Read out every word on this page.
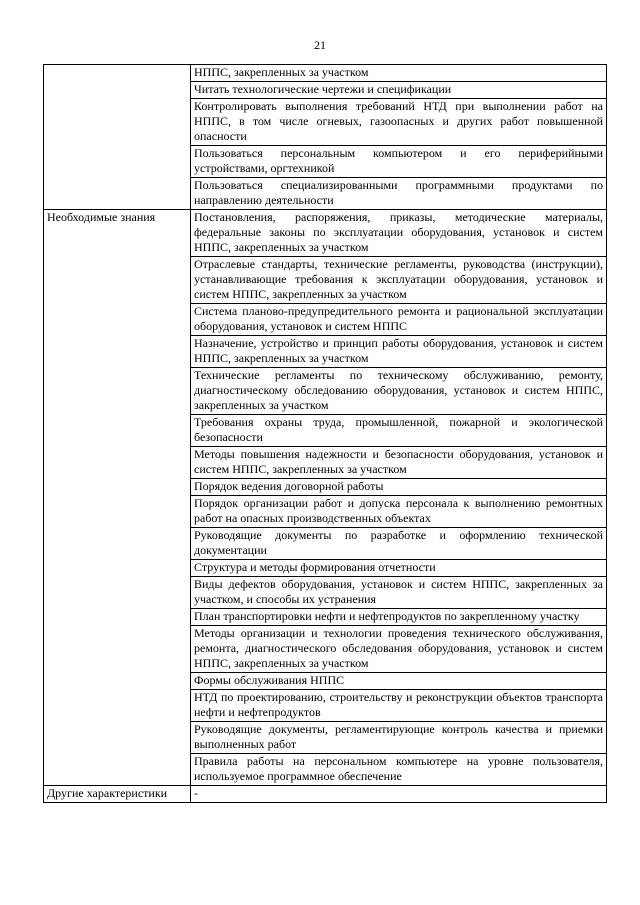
21
	НППС, закрепленных за участком
	Читать технологические чертежи и спецификации
	Контролировать выполнения требований НТД при выполнении работ на НППС, в том числе огневых, газоопасных и других работ повышенной опасности
	Пользоваться персональным компьютером и его периферийными устройствами, оргтехникой
	Пользоваться специализированными программными продуктами по направлению деятельности
Необходимые знания	Постановления, распоряжения, приказы, методические материалы, федеральные законы по эксплуатации оборудования, установок и систем НППС, закрепленных за участком
	Отраслевые стандарты, технические регламенты, руководства (инструкции), устанавливающие требования к эксплуатации оборудования, установок и систем НППС, закрепленных за участком
	Система планово-предупредительного ремонта и рациональной эксплуатации оборудования, установок и систем НППС
	Назначение, устройство и принцип работы оборудования, установок и систем НППС, закрепленных за участком
	Технические регламенты по техническому обслуживанию, ремонту, диагностическому обследованию оборудования, установок и систем НППС, закрепленных за участком
	Требования охраны труда, промышленной, пожарной и экологической безопасности
	Методы повышения надежности и безопасности оборудования, установок и систем НППС, закрепленных за участком
	Порядок ведения договорной работы
	Порядок организации работ и допуска персонала к выполнению ремонтных работ на опасных производственных объектах
	Руководящие документы по разработке и оформлению технической документации
	Структура и методы формирования отчетности
	Виды дефектов оборудования, установок и систем НППС, закрепленных за участком, и способы их устранения
	План транспортировки нефти и нефтепродуктов по закрепленному участку
	Методы организации и технологии проведения технического обслуживания, ремонта, диагностического обследования оборудования, установок и систем НППС, закрепленных за участком
	Формы обслуживания НППС
	НТД по проектированию, строительству и реконструкции объектов транспорта нефти и нефтепродуктов
	Руководящие документы, регламентирующие контроль качества и приемки выполненных работ
	Правила работы на персональном компьютере на уровне пользователя, используемое программное обеспечение
Другие характеристики	-
